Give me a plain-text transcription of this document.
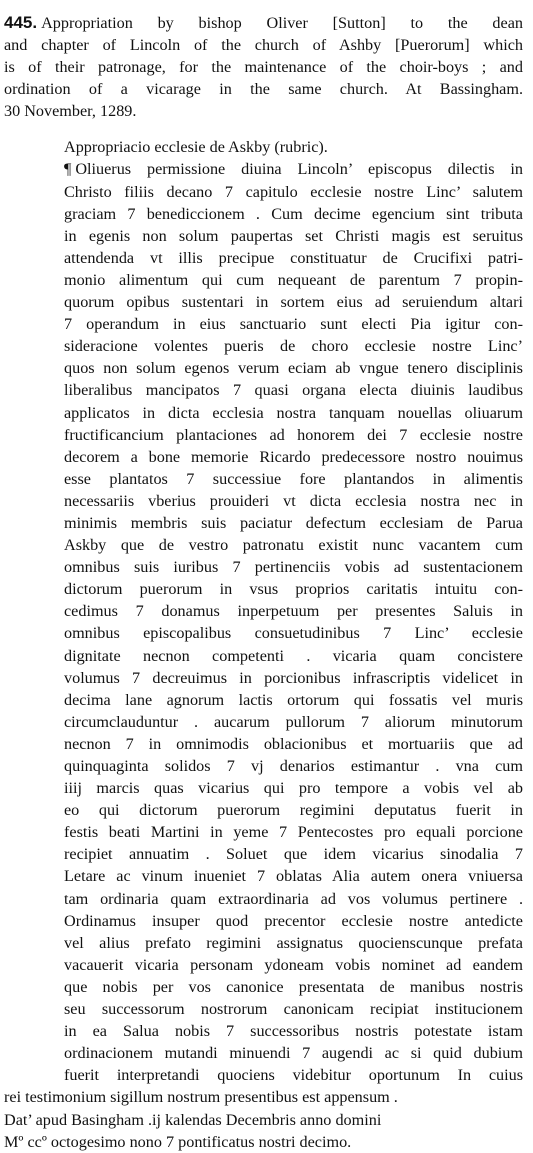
445. Appropriation by bishop Oliver [Sutton] to the dean
and chapter of Lincoln of the church of Ashby [Puerorum] which
is of their patronage, for the maintenance of the choir-boys ; and
ordination of a vicarage in the same church. At Bassingham.
30 November, 1289.
Appropriacio ecclesie de Askby (rubric).
¶ Oliuerus permissione diuina Lincoln’ episcopus dilectis in
Christo filiis decano 7 capitulo ecclesie nostre Linc’ salutem
graciam 7 benediccionem . Cum decime egencium sint tributa
in egenis non solum paupertas set Christi magis est seruitus
attendenda vt illis precipue constituatur de Crucifixi patri-
monio alimentum qui cum nequeant de parentum 7 propin-
quorum opibus sustentari in sortem eius ad seruiendum altari
7 operandum in eius sanctuario sunt electi Pia igitur con-
sideracione volentes pueris de choro ecclesie nostre Linc’
quos non solum egenos verum eciam ab vngue tenero disciplinis
liberalibus mancipatos 7 quasi organa electa diuinis laudibus
applicatos in dicta ecclesia nostra tanquam nouellas oliuarum
fructificancium plantaciones ad honorem dei 7 ecclesie nostre
decorem a bone memorie Ricardo predecessore nostro nouimus
esse plantatos 7 successiue fore plantandos in alimentis
necessariis vberius prouideri vt dicta ecclesia nostra nec in
minimis membris suis paciatur defectum ecclesiam de Parua
Askby que de vestro patronatu existit nunc vacantem cum
omnibus suis iuribus 7 pertinenciis vobis ad sustentacionem
dictorum puerorum in vsus proprios caritatis intuitu con-
cedimus 7 donamus inperpetuum per presentes Saluis in
omnibus episcopalibus consuetudinibus 7 Linc’ ecclesie
dignitate necnon competenti . vicaria quam concistere
volumus 7 decreuimus in porcionibus infrascriptis videlicet in
decima lane agnorum lactis ortorum qui fossatis vel muris
circumclauduntur . aucarum pullorum 7 aliorum minutorum
necnon 7 in omnimodis oblacionibus et mortuariis que ad
quinquaginta solidos 7 vj denarios estimantur . vna cum
iiij marcis quas vicarius qui pro tempore a vobis vel ab
eo qui dictorum puerorum regimini deputatus fuerit in
festis beati Martini in yeme 7 Pentecostes pro equali porcione
recipiet annuatim . Soluet que idem vicarius sinodalia 7
Letare ac vinum inueniet 7 oblatas Alia autem onera vniuersa
tam ordinaria quam extraordinaria ad vos volumus pertinere .
Ordinamus insuper quod precentor ecclesie nostre antedicte
vel alius prefato regimini assignatus quocienscunque prefata
vacauerit vicaria personam ydoneam vobis nominet ad eandem
que nobis per vos canonice presentata de manibus nostris
seu successorum nostrorum canonicam recipiat institucionem
in ea Salua nobis 7 successoribus nostris potestate istam
ordinacionem mutandi minuendi 7 augendi ac si quid dubium
fuerit interpretandi quociens videbitur oportunum In cuius
rei testimonium sigillum nostrum presentibus est appensum .
Dat’ apud Basingham .ij kalendas Decembris anno domini
Mº ccº octogesimo nono 7 pontificatus nostri decimo.
